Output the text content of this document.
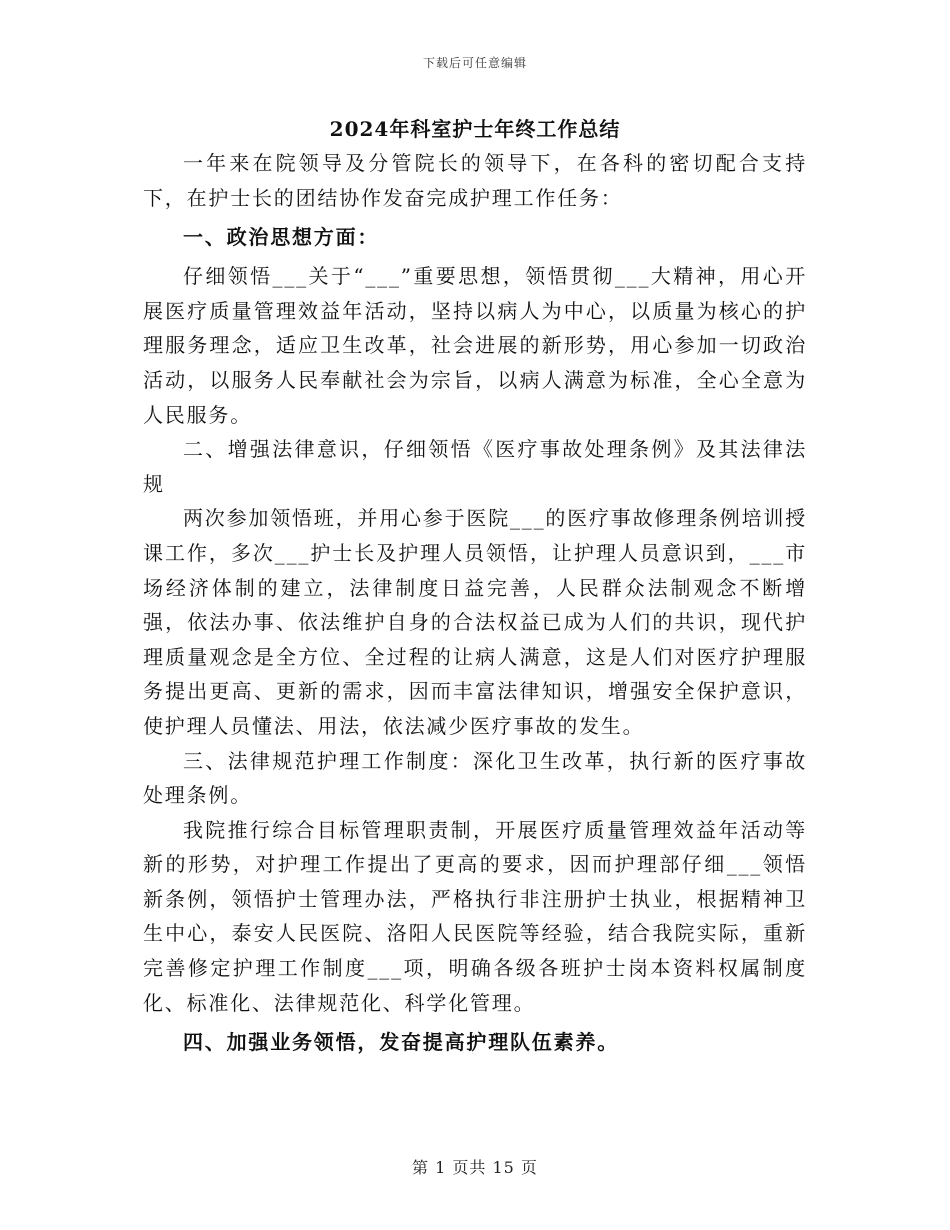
下载后可任意编辑
2024年科室护士年终工作总结

一年来在院领导及分管院长的领导下，在各科的密切配合支持下，在护士长的团结协作发奋完成护理工作任务：

一、政治思想方面：

仔细领悟___关于“___”重要思想，领悟贯彻___大精神，用心开展医疗质量管理效益年活动，坚持以病人为中心，以质量为核心的护理服务理念，适应卫生改革，社会进展的新形势，用心参加一切政治活动，以服务人民奉献社会为宗旨，以病人满意为标准，全心全意为人民服务。

二、增强法律意识，仔细领悟《医疗事故处理条例》及其法律法规

两次参加领悟班，并用心参于医院___的医疗事故修理条例培训授课工作，多次___护士长及护理人员领悟，让护理人员意识到，___市场经济体制的建立，法律制度日益完善，人民群众法制观念不断增强，依法办事、依法维护自身的合法权益已成为人们的共识，现代护理质量观念是全方位、全过程的让病人满意，这是人们对医疗护理服务提出更高、更新的需求，因而丰富法律知识，增强安全保护意识，使护理人员懂法、用法，依法减少医疗事故的发生。

三、法律规范护理工作制度：深化卫生改革，执行新的医疗事故处理条例。

我院推行综合目标管理职责制，开展医疗质量管理效益年活动等新的形势，对护理工作提出了更高的要求，因而护理部仔细___领悟新条例，领悟护士管理办法，严格执行非注册护士执业，根据精神卫生中心，泰安人民医院、洛阳人民医院等经验，结合我院实际，重新完善修定护理工作制度___项，明确各级各班护士岗本资料权属制度化、标准化、法律规范化、科学化管理。

四、加强业务领悟，发奋提高护理队伍素养。

第 1 页共 15 页
